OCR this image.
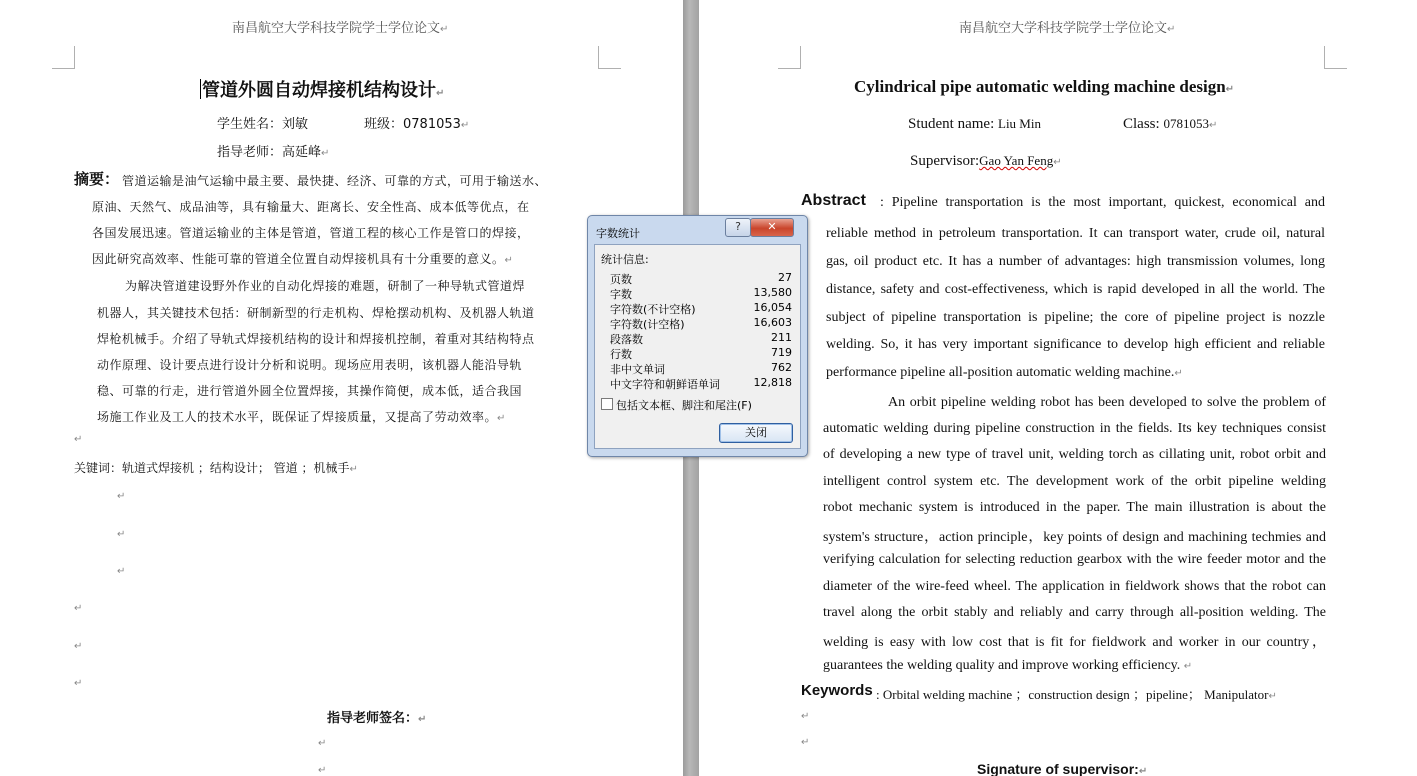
南昌航空大学科技学院学士学位论文↵
管道外圆自动焊接机结构设计↵
学生姓名：刘敏	班级：0781053↵
指导老师：高延峰↵
摘要： 管道运输是油气运输中最主要、最快捷、经济、可靠的方式，可用于输送水、
原油、天然气、成品油等，具有输量大、距离长、安全性高、成本低等优点，在
各国发展迅速。管道运输业的主体是管道，管道工程的核心工作是管口的焊接，
因此研究高效率、性能可靠的管道全位置自动焊接机具有十分重要的意义。↵
为解决管道建设野外作业的自动化焊接的难题，研制了一种导轨式管道焊
机器人，其关键技术包括：研制新型的行走机构、焊枪摆动机构、及机器人轨道
焊枪机械手。介绍了导轨式焊接机结构的设计和焊接机控制，着重对其结构特点
动作原理、设计要点进行设计分析和说明。现场应用表明，该机器人能沿导轨
稳、可靠的行走，进行管道外圆全位置焊接，其操作简便，成本低，适合我国
场施工作业及工人的技术水平，既保证了焊接质量，又提高了劳动效率。↵
↵
关键词：轨道式焊接机 ；结构设计； 管道 ；机械手↵
↵
↵
↵
↵
↵
↵
指导老师签名：↵
↵
↵
南昌航空大学科技学院学士学位论文↵
Cylindrical pipe automatic welding machine design↵
Student name: Liu Min	Class: 0781053↵
Supervisor:Gao Yan Feng↵
Abstract : Pipeline transportation is the most important, quickest, economical and
reliable method in petroleum transportation. It can transport water, crude oil, natural
gas, oil product etc. It has a number of advantages: high transmission volumes, long
distance, safety and cost-effectiveness, which is rapid developed in all the world. The
subject of pipeline transportation is pipeline; the core of pipeline project is nozzle
welding. So, it has very important significance to develop high efficient and reliable
performance pipeline all-position automatic welding machine.↵
An orbit pipeline welding robot has been developed to solve the problem of
automatic welding during pipeline construction in the fields. Its key techniques consist
of developing a new type of travel unit, welding torch as cillating unit, robot orbit and
intelligent control system etc. The development work of the orbit pipeline welding
robot mechanic system is introduced in the paper. The main illustration is about the
system's structure，action principle，key points of design and machining techmies and
verifying calculation for selecting reduction gearbox with the wire feeder motor and the
diameter of the wire-feed wheel. The application in fieldwork shows that the robot can
travel along the orbit stably and reliably and carry through all-position welding. The
welding is easy with low cost that is fit for fieldwork and worker in our country，
guarantees the welding quality and improve working efficiency. ↵
Keywords : Orbital welding machine ；construction design ；pipeline； Manipulator↵
↵
↵
Signature of supervisor:↵
字数统计
?	✕
统计信息:
页数	27
字数	13,580
字符数(不计空格)	16,054
字符数(计空格)	16,603
段落数	211
行数	719
非中文单词	762
中文字符和朝鲜语单词	12,818
包括文本框、脚注和尾注(F)
关闭
